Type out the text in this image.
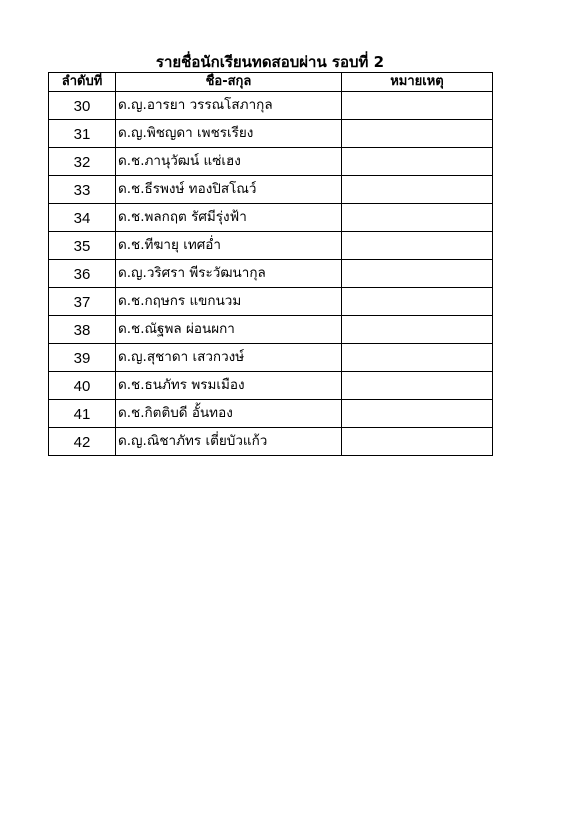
รายชื่อนักเรียนทดสอบผ่าน รอบที่ 2
ลำดับที่	ชื่อ-สกุล	หมายเหตุ
30	ด.ญ.อารยา วรรณโสภากุล	
31	ด.ญ.พิชญดา เพชรเรียง	
32	ด.ช.ภานุวัฒน์ แซ่เฮง	
33	ด.ช.ธีรพงษ์ ทองปิสโณว์	
34	ด.ช.พลกฤต รัศมีรุ่งฟ้า	
35	ด.ช.ทีฆายุ เทศอ่ำ	
36	ด.ญ.วริศรา พีระวัฒนากุล	
37	ด.ช.กฤษกร แขกนวม	
38	ด.ช.ณัฐพล ผ่อนผกา	
39	ด.ญ.สุชาดา เสวกวงษ์	
40	ด.ช.ธนภัทร พรมเมือง	
41	ด.ช.กิตติบดี อั้นทอง	
42	ด.ญ.ณิชาภัทร เตี่ยบัวแก้ว	
